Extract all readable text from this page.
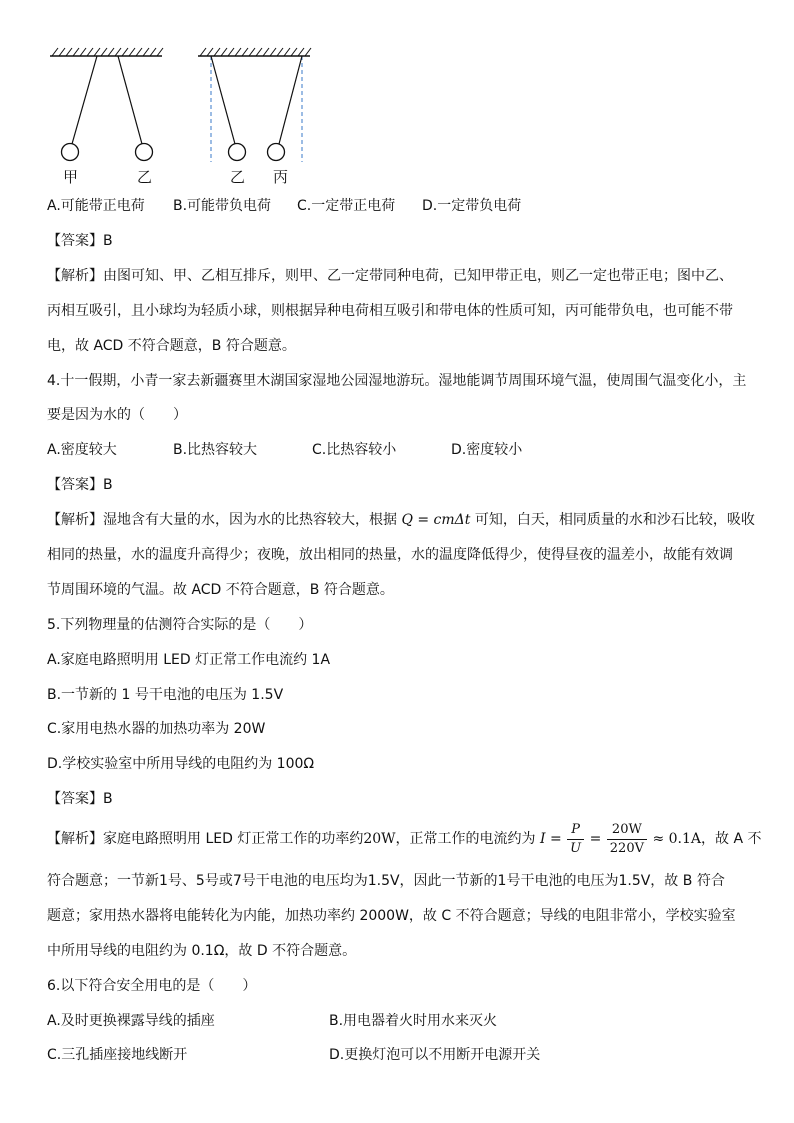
甲	乙	乙 丙
A.可能带正电荷 B.可能带负电荷 C.一定带正电荷 D.一定带负电荷
【答案】B
【解析】由图可知、甲、乙相互排斥，则甲、乙一定带同种电荷，已知甲带正电，则乙一定也带正电；图中乙、
丙相互吸引，且小球均为轻质小球，则根据异种电荷相互吸引和带电体的性质可知，丙可能带负电，也可能不带
电，故 ACD 不符合题意，B 符合题意。
4.十一假期，小青一家去新疆赛里木湖国家湿地公园湿地游玩。湿地能调节周围环境气温，使周围气温变化小，主
要是因为水的（　　）
A.密度较大	B.比热容较大	C.比热容较小	D.密度较小
【答案】B
【解析】湿地含有大量的水，因为水的比热容较大，根据 Q = cmΔt 可知，白天，相同质量的水和沙石比较，吸收
相同的热量，水的温度升高得少；夜晚，放出相同的热量，水的温度降低得少，使得昼夜的温差小，故能有效调
节周围环境的气温。故 ACD 不符合题意，B 符合题意。
5.下列物理量的估测符合实际的是（　　）
A.家庭电路照明用 LED 灯正常工作电流约 1A
B.一节新的 1 号干电池的电压为 1.5V
C.家用电热水器的加热功率为 20W
D.学校实验室中所用导线的电阻约为 100Ω
【答案】B
【解析】家庭电路照明用 LED 灯正常工作的功率约20W，正常工作的电流约为 $I = \frac{P}{U} = \frac{20W}{220V} \approx 0.1A$，故 A 不
符合题意；一节新1号、5号或7号干电池的电压均为1.5V，因此一节新的1号干电池的电压为1.5V，故 B 符合
题意；家用热水器将电能转化为内能，加热功率约 2000W，故 C 不符合题意；导线的电阻非常小，学校实验室
中所用导线的电阻约为 0.1Ω，故 D 不符合题意。
6.以下符合安全用电的是（　　）
A.及时更换裸露导线的插座	B.用电器着火时用水来灭火
C.三孔插座接地线断开	D.更换灯泡可以不用断开电源开关
